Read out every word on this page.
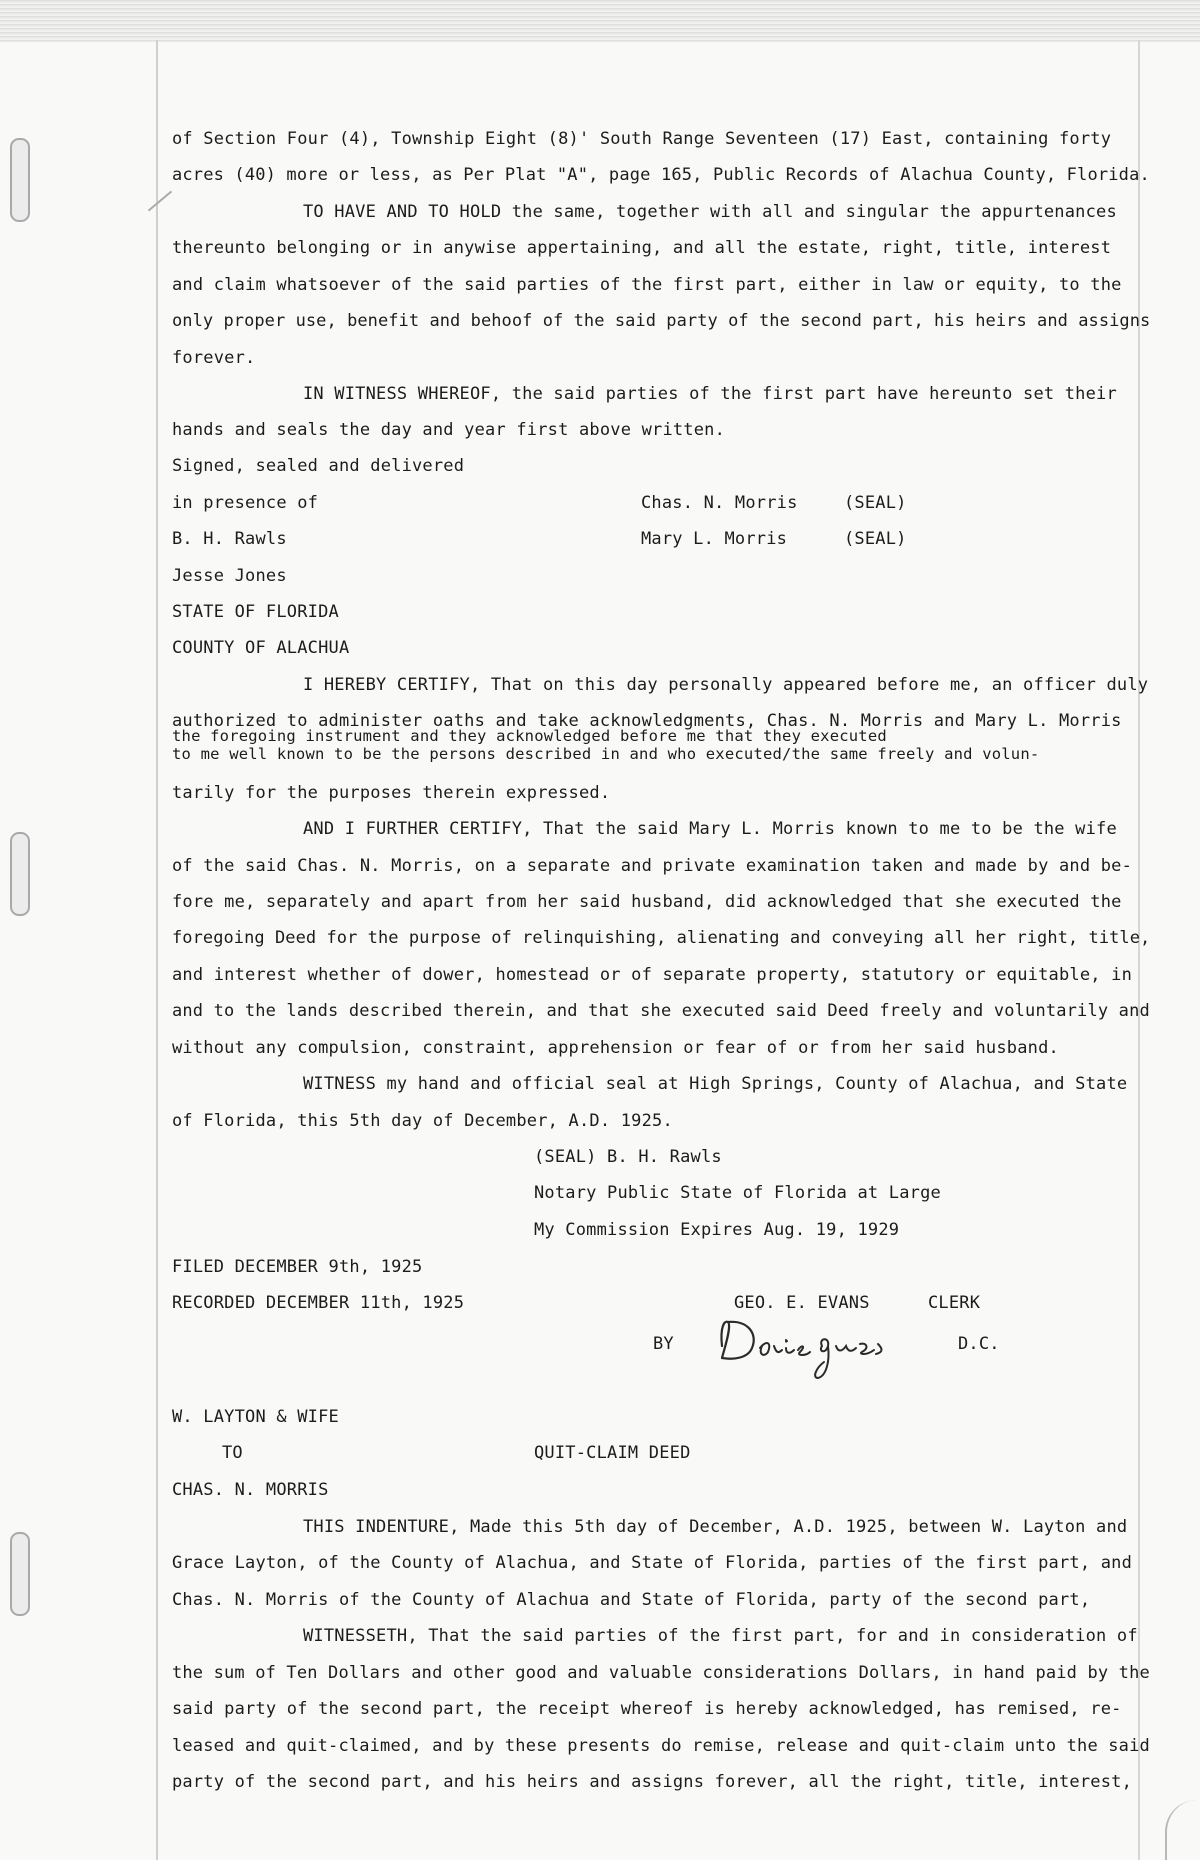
of Section Four (4), Township Eight (8)' South Range Seventeen (17) East, containing forty
acres (40) more or less, as Per Plat "A", page 165, Public Records of Alachua County, Florida.
TO HAVE AND TO HOLD the same, together with all and singular the appurtenances
thereunto belonging or in anywise appertaining, and all the estate, right, title, interest
and claim whatsoever of the said parties of the first part, either in law or equity, to the
only proper use, benefit and behoof of the said party of the second part, his heirs and assigns
forever.
IN WITNESS WHEREOF, the said parties of the first part have hereunto set their
hands and seals the day and year first above written.
Signed, sealed and delivered
in presence of	Chas. N. Morris	(SEAL)
B. H. Rawls	Mary L. Morris	(SEAL)
Jesse Jones
STATE OF FLORIDA
COUNTY OF ALACHUA
I HEREBY CERTIFY, That on this day personally appeared before me, an officer duly
authorized to administer oaths and take acknowledgments, Chas. N. Morris and Mary L. Morris
the foregoing instrument and they acknowledged before me that they executed
to me well known to be the persons described in and who executed/the same freely and volun-
tarily for the purposes therein expressed.
AND I FURTHER CERTIFY, That the said Mary L. Morris known to me to be the wife
of the said Chas. N. Morris, on a separate and private examination taken and made by and be-
fore me, separately and apart from her said husband, did acknowledged that she executed the
foregoing Deed for the purpose of relinquishing, alienating and conveying all her right, title,
and interest whether of dower, homestead or of separate property, statutory or equitable, in
and to the lands described therein, and that she executed said Deed freely and voluntarily and
without any compulsion, constraint, apprehension or fear of or from her said husband.
WITNESS my hand and official seal at High Springs, County of Alachua, and State
of Florida, this 5th day of December, A.D. 1925.
(SEAL) B. H. Rawls
Notary Public State of Florida at Large
My Commission Expires Aug. 19, 1929
FILED DECEMBER 9th, 1925
RECORDED DECEMBER 11th, 1925	GEO. E. EVANS	CLERK
BY	D.C.
W. LAYTON & WIFE
TO	QUIT-CLAIM DEED
CHAS. N. MORRIS
THIS INDENTURE, Made this 5th day of December, A.D. 1925, between W. Layton and
Grace Layton, of the County of Alachua, and State of Florida, parties of the first part, and
Chas. N. Morris of the County of Alachua and State of Florida, party of the second part,
WITNESSETH, That the said parties of the first part, for and in consideration of
the sum of Ten Dollars and other good and valuable considerations Dollars, in hand paid by the
said party of the second part, the receipt whereof is hereby acknowledged, has remised, re-
leased and quit-claimed, and by these presents do remise, release and quit-claim unto the said
party of the second part, and his heirs and assigns forever, all the right, title, interest,
